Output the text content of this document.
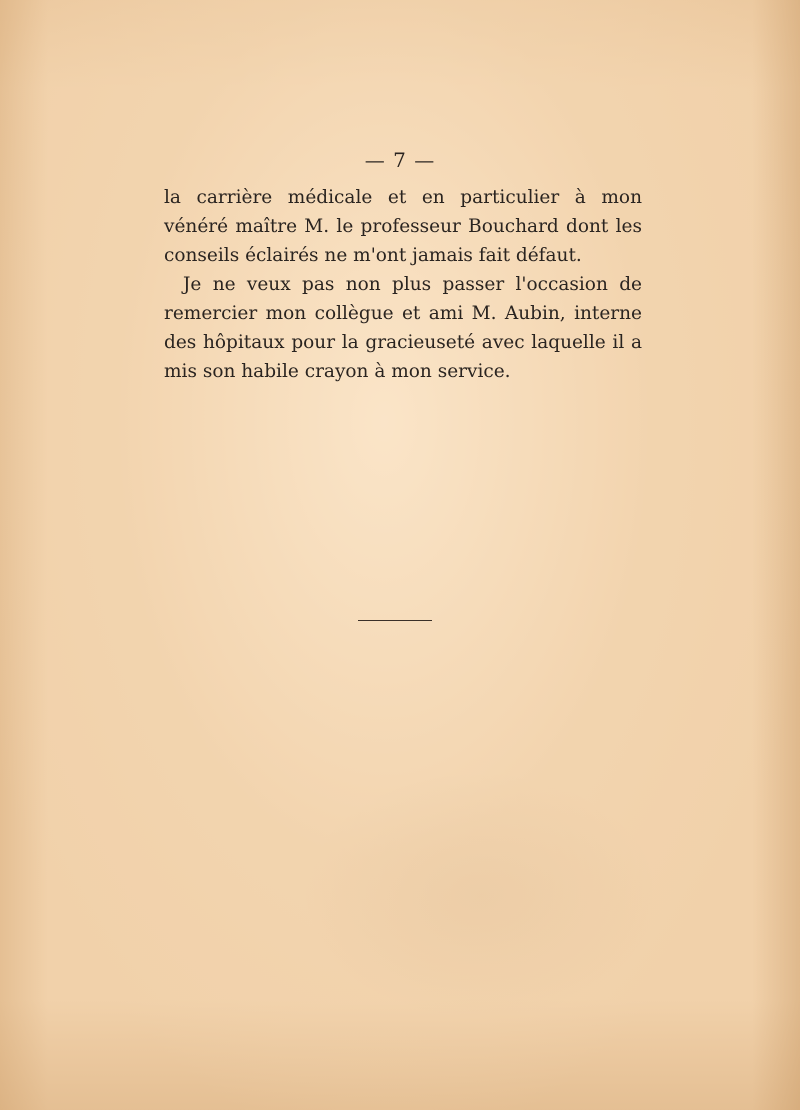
— 7 —

la carrière médicale et en particulier à mon vénéré maître M. le professeur Bouchard dont les conseils éclairés ne m'ont jamais fait défaut.

Je ne veux pas non plus passer l'occasion de remercier mon collègue et ami M. Aubin, interne des hôpitaux pour la gracieuseté avec laquelle il a mis son habile crayon à mon service.
